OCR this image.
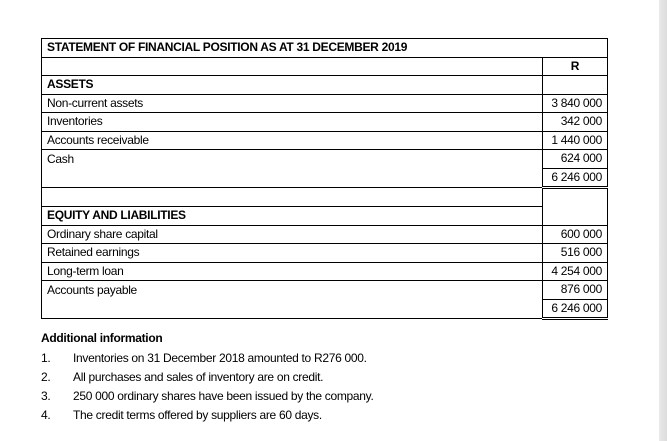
STATEMENT OF FINANCIAL POSITION AS AT 31 DECEMBER 2019	
	R
ASSETS	
Non-current assets	3 840 000
Inventories	342 000
Accounts receivable	1 440 000
Cash	624 000
	6 246 000

EQUITY AND LIABILITIES	
Ordinary share capital	600 000
Retained earnings	516 000
Long-term loan	4 254 000
Accounts payable	876 000
	6 246 000
Additional information
1.	Inventories on 31 December 2018 amounted to R276 000.
2.	All purchases and sales of inventory are on credit.
3.	250 000 ordinary shares have been issued by the company.
4.	The credit terms offered by suppliers are 60 days.
